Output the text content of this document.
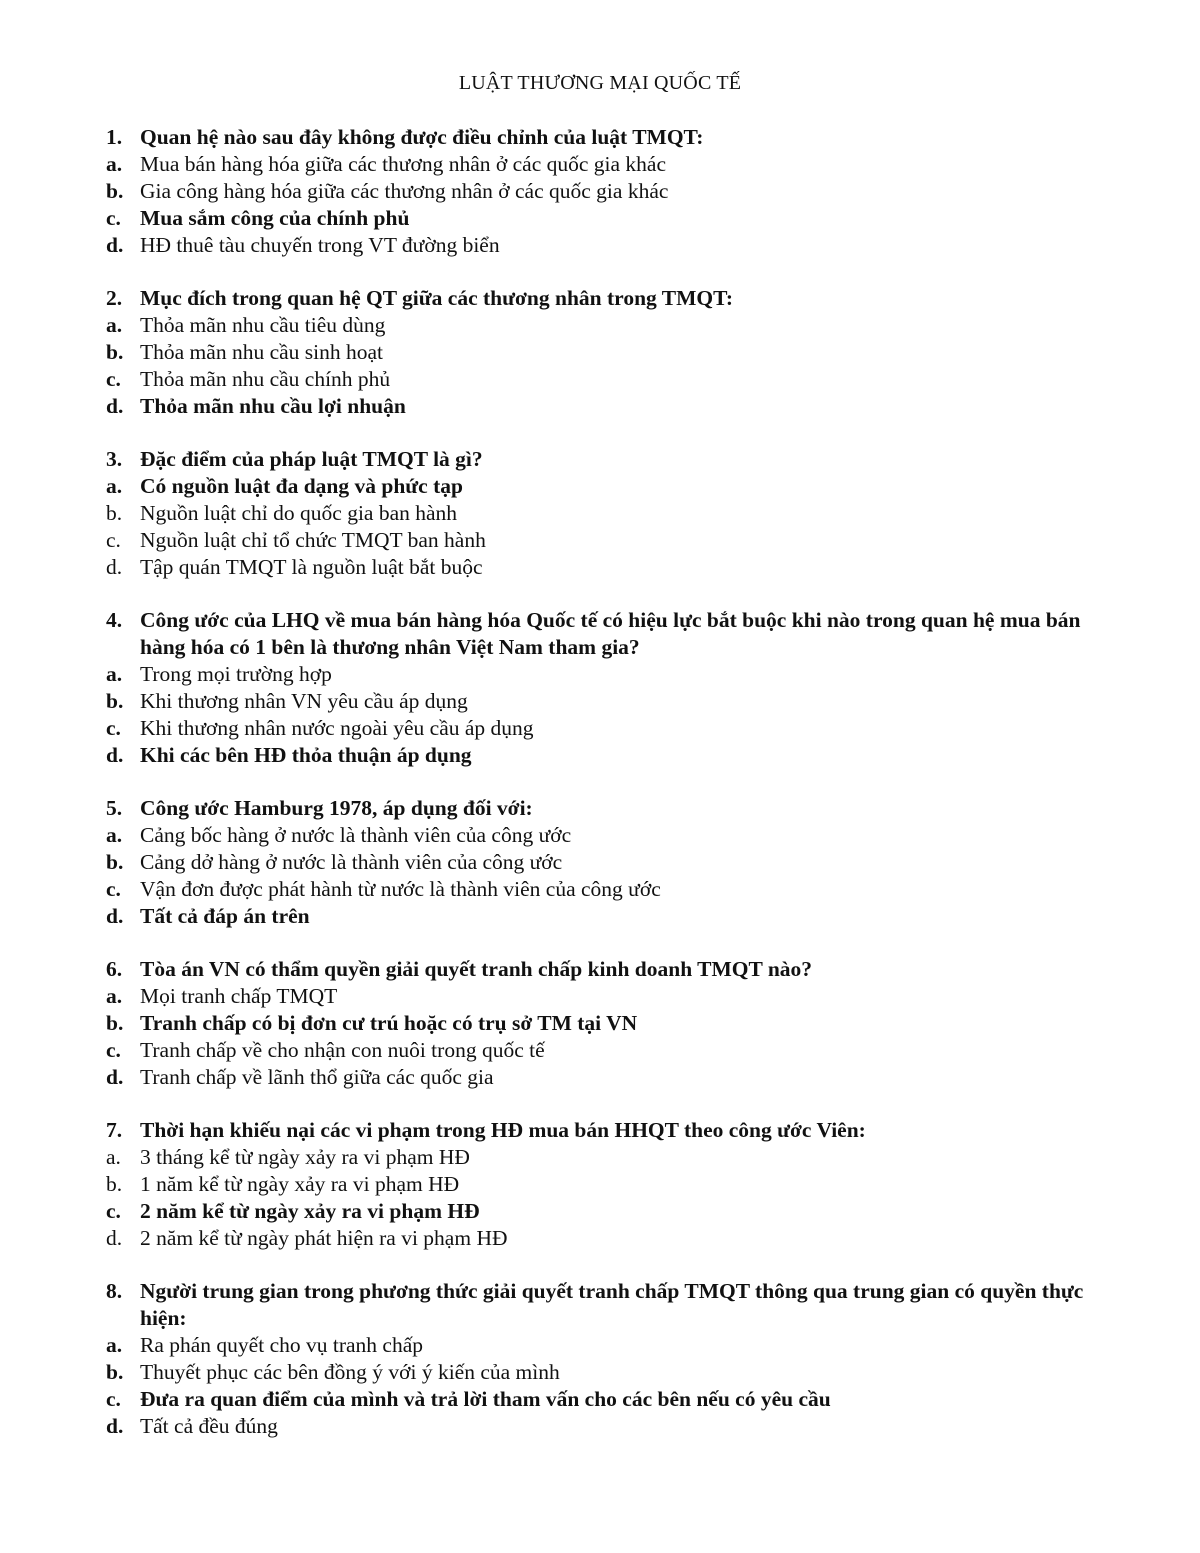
LUẬT THƯƠNG MẠI QUỐC TẾ
1. Quan hệ nào sau đây không được điều chỉnh của luật TMQT:
a. Mua bán hàng hóa giữa các thương nhân ở các quốc gia khác
b. Gia công hàng hóa giữa các thương nhân ở các quốc gia khác
c. Mua sắm công của chính phủ
d. HĐ thuê tàu chuyến trong VT đường biển
2. Mục đích trong quan hệ QT giữa các thương nhân trong TMQT:
a. Thỏa mãn nhu cầu tiêu dùng
b. Thỏa mãn nhu cầu sinh hoạt
c. Thỏa mãn nhu cầu chính phủ
d. Thỏa mãn nhu cầu lợi nhuận
3. Đặc điểm của pháp luật TMQT là gì?
a. Có nguồn luật đa dạng và phức tạp
b. Nguồn luật chỉ do quốc gia ban hành
c. Nguồn luật chỉ tổ chức TMQT ban hành
d. Tập quán TMQT là nguồn luật bắt buộc
4. Công ước của LHQ về mua bán hàng hóa Quốc tế có hiệu lực bắt buộc khi nào trong quan hệ mua bán hàng hóa có 1 bên là thương nhân Việt Nam tham gia?
a. Trong mọi trường hợp
b. Khi thương nhân VN yêu cầu áp dụng
c. Khi thương nhân nước ngoài yêu cầu áp dụng
d. Khi các bên HĐ thỏa thuận áp dụng
5. Công ước Hamburg 1978, áp dụng đối với:
a. Cảng bốc hàng ở nước là thành viên của công ước
b. Cảng dở hàng ở nước là thành viên của công ước
c. Vận đơn được phát hành từ nước là thành viên của công ước
d. Tất cả đáp án trên
6. Tòa án VN có thẩm quyền giải quyết tranh chấp kinh doanh TMQT nào?
a. Mọi tranh chấp TMQT
b. Tranh chấp có bị đơn cư trú hoặc có trụ sở TM tại VN
c. Tranh chấp về cho nhận con nuôi trong quốc tế
d. Tranh chấp về lãnh thổ giữa các quốc gia
7. Thời hạn khiếu nại các vi phạm trong HĐ mua bán HHQT theo công ước Viên:
a. 3 tháng kể từ ngày xảy ra vi phạm HĐ
b. 1 năm kể từ ngày xảy ra vi phạm HĐ
c. 2 năm kể từ ngày xảy ra vi phạm HĐ
d. 2 năm kể từ ngày phát hiện ra vi phạm HĐ
8. Người trung gian trong phương thức giải quyết tranh chấp TMQT thông qua trung gian có quyền thực hiện:
a. Ra phán quyết cho vụ tranh chấp
b. Thuyết phục các bên đồng ý với ý kiến của mình
c. Đưa ra quan điểm của mình và trả lời tham vấn cho các bên nếu có yêu cầu
d. Tất cả đều đúng
